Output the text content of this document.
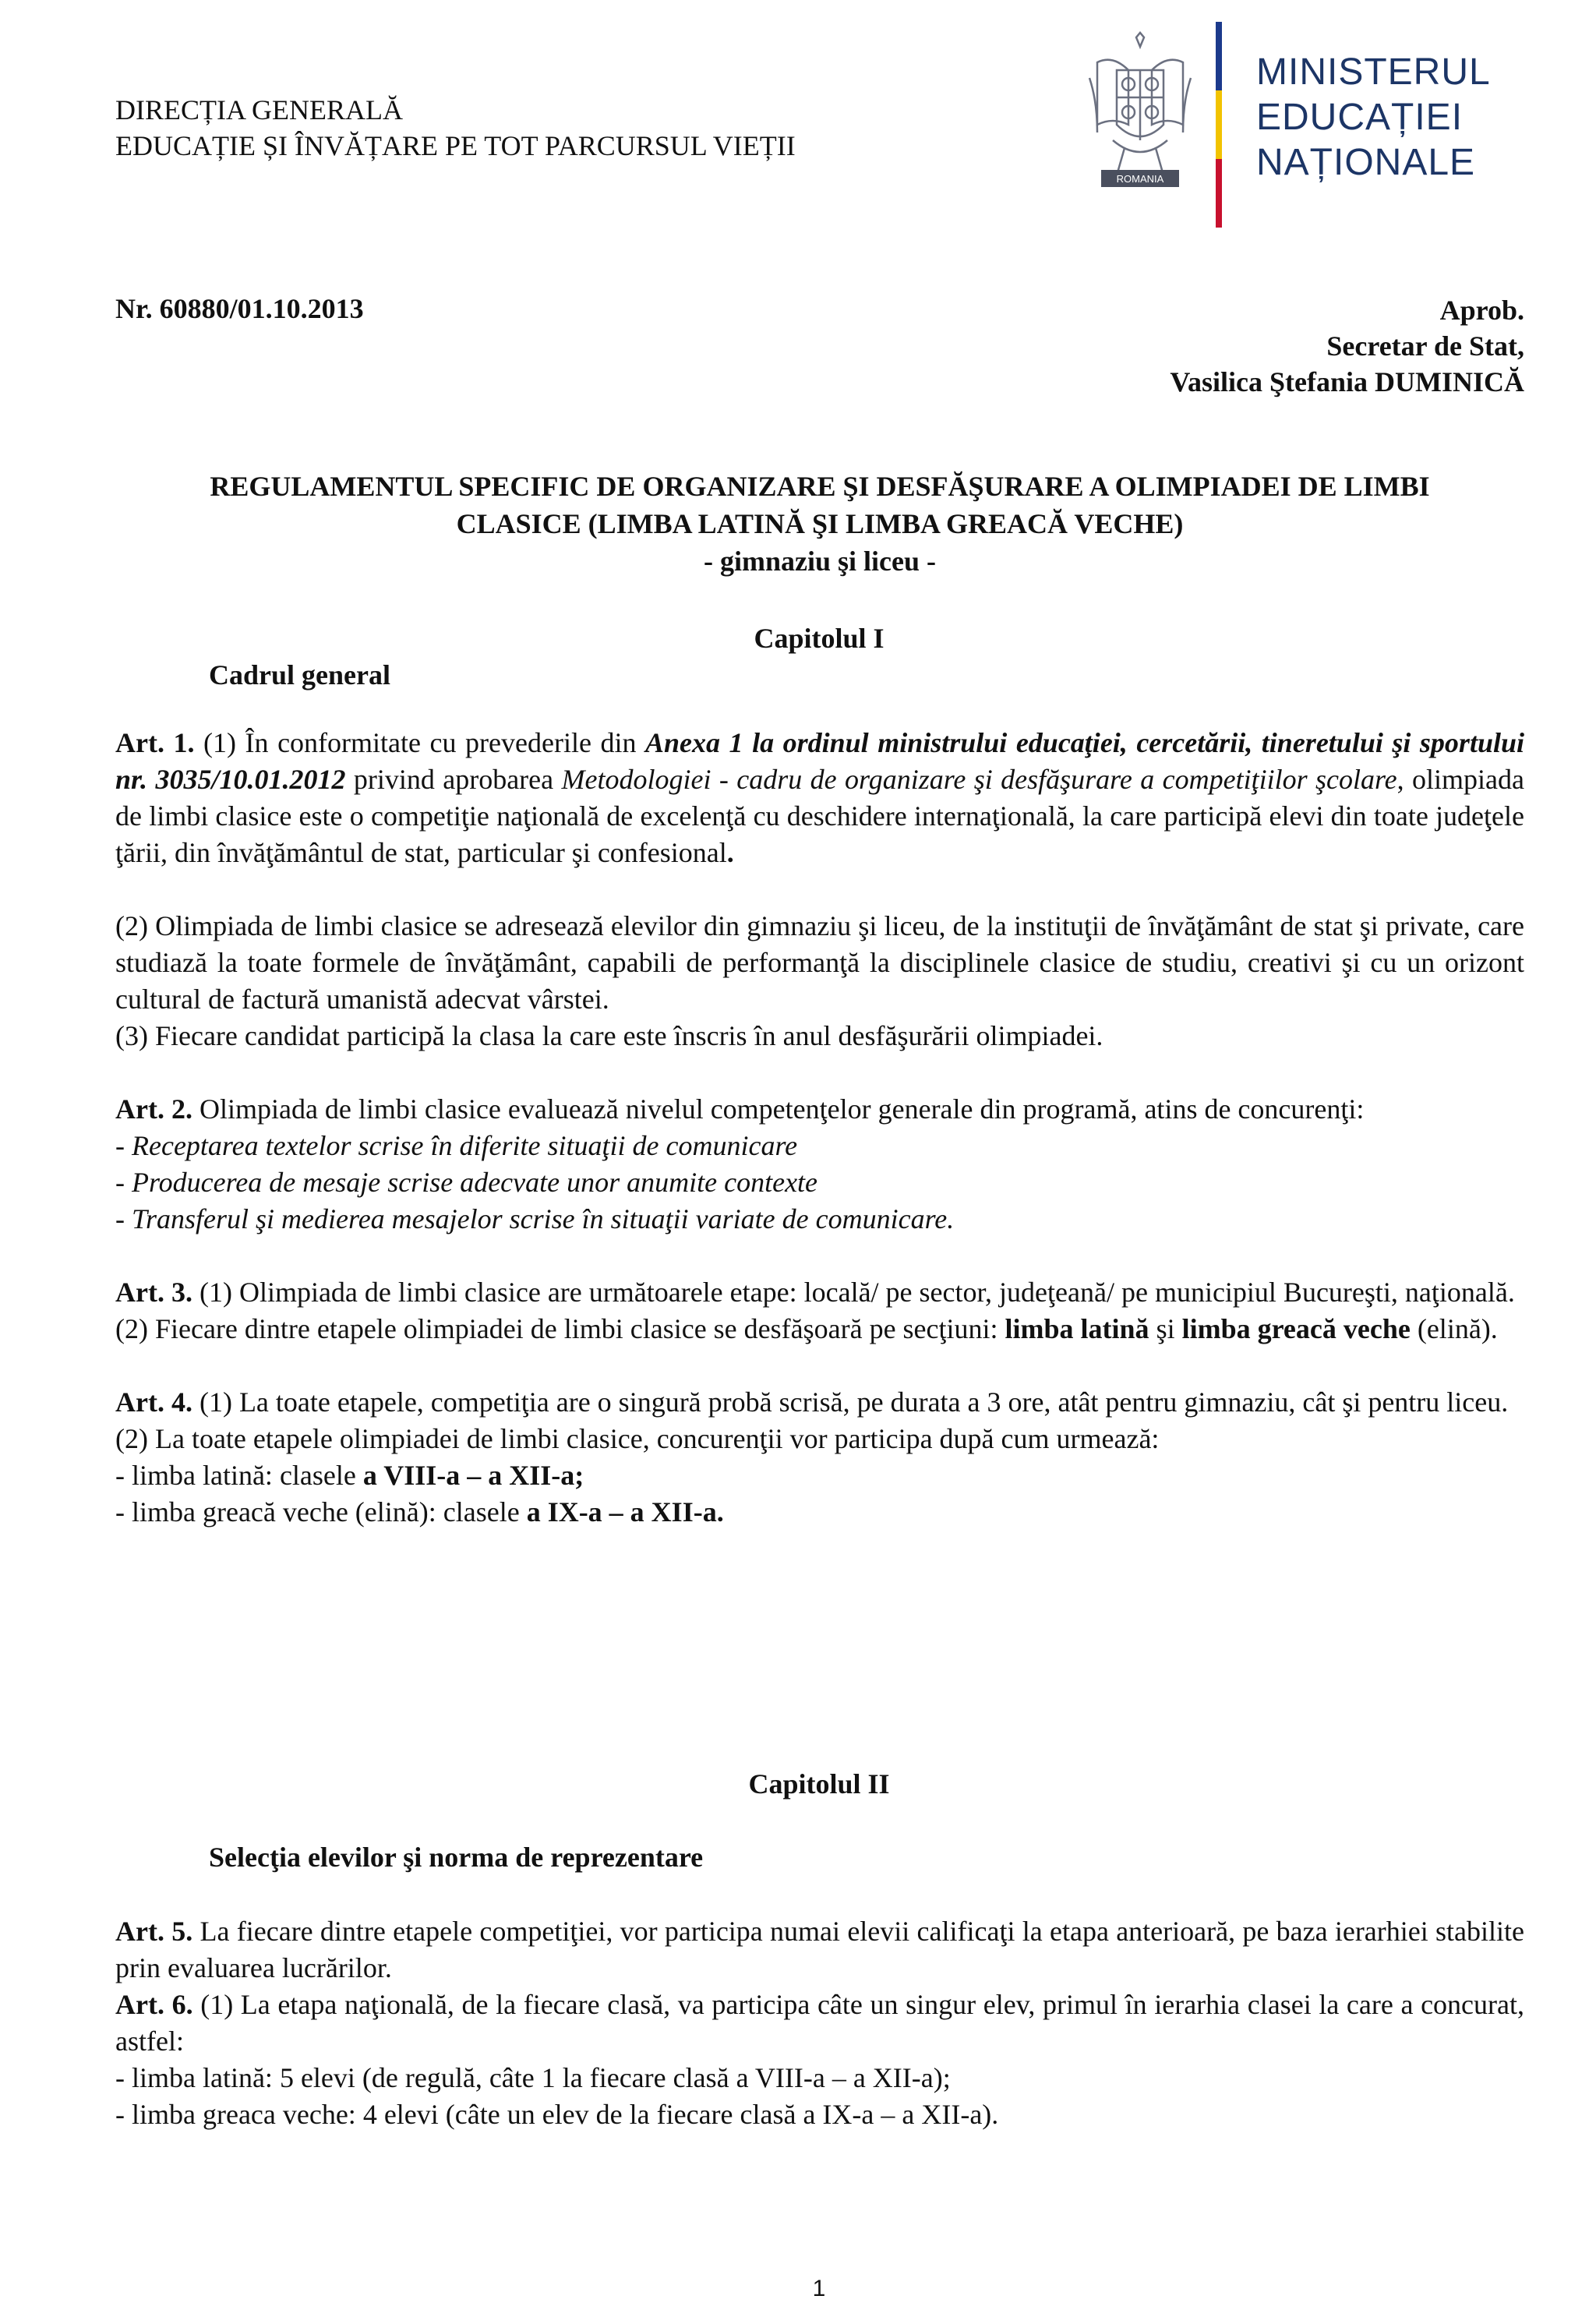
DIRECȚIA GENERALĂ
EDUCAȚIE ȘI ÎNVĂȚARE PE TOT PARCURSUL VIEȚII
ROMANIA
MINISTERUL
EDUCAȚIEI
NAȚIONALE
Nr. 60880/01.10.2013	Aprob.
Secretar de Stat,
Vasilica Ştefania DUMINICĂ
REGULAMENTUL SPECIFIC DE ORGANIZARE ŞI DESFĂŞURARE A OLIMPIADEI DE LIMBI
CLASICE (LIMBA LATINĂ ŞI LIMBA GREACĂ VECHE)
- gimnaziu şi liceu -
Capitolul I
Cadrul general

Art. 1. (1) În conformitate cu prevederile din Anexa 1 la ordinul ministrului educaţiei, cercetării, tineretului şi sportului nr. 3035/10.01.2012 privind aprobarea Metodologiei - cadru de organizare şi desfăşurare a competiţiilor şcolare, olimpiada de limbi clasice este o competiţie naţională de excelenţă cu deschidere internaţională, la care participă elevi din toate judeţele ţării, din învăţământul de stat, particular şi confesional.

(2) Olimpiada de limbi clasice se adresează elevilor din gimnaziu şi liceu, de la instituţii de învăţământ de stat şi private, care studiază la toate formele de învăţământ, capabili de performanţă la disciplinele clasice de studiu, creativi şi cu un orizont cultural de factură umanistă adecvat vârstei.

(3) Fiecare candidat participă la clasa la care este înscris în anul desfăşurării olimpiadei.

Art. 2. Olimpiada de limbi clasice evaluează nivelul competenţelor generale din programă, atins de concurenţi:

- Receptarea textelor scrise în diferite situaţii de comunicare

- Producerea de mesaje scrise adecvate unor anumite contexte

- Transferul şi medierea mesajelor scrise în situaţii variate de comunicare.

Art. 3. (1) Olimpiada de limbi clasice are următoarele etape: locală/ pe sector, judeţeană/ pe municipiul Bucureşti, naţională.

(2) Fiecare dintre etapele olimpiadei de limbi clasice se desfăşoară pe secţiuni: limba latină şi limba greacă veche (elină).

Art. 4. (1) La toate etapele, competiţia are o singură probă scrisă, pe durata a 3 ore, atât pentru gimnaziu, cât şi pentru liceu.

(2) La toate etapele olimpiadei de limbi clasice, concurenţii vor participa după cum urmează:

- limba latină: clasele a VIII-a – a XII-a;

- limba greacă veche (elină): clasele a IX-a – a XII-a.

Capitolul II
Selecţia elevilor şi norma de reprezentare

Art. 5. La fiecare dintre etapele competiţiei, vor participa numai elevii calificaţi la etapa anterioară, pe baza ierarhiei stabilite prin evaluarea lucrărilor.

Art. 6. (1) La etapa naţională, de la fiecare clasă, va participa câte un singur elev, primul în ierarhia clasei la care a concurat, astfel:

- limba latină: 5 elevi (de regulă, câte 1 la fiecare clasă a VIII-a – a XII-a);

- limba greaca veche: 4 elevi (câte un elev de la fiecare clasă a IX-a – a XII-a).

1
